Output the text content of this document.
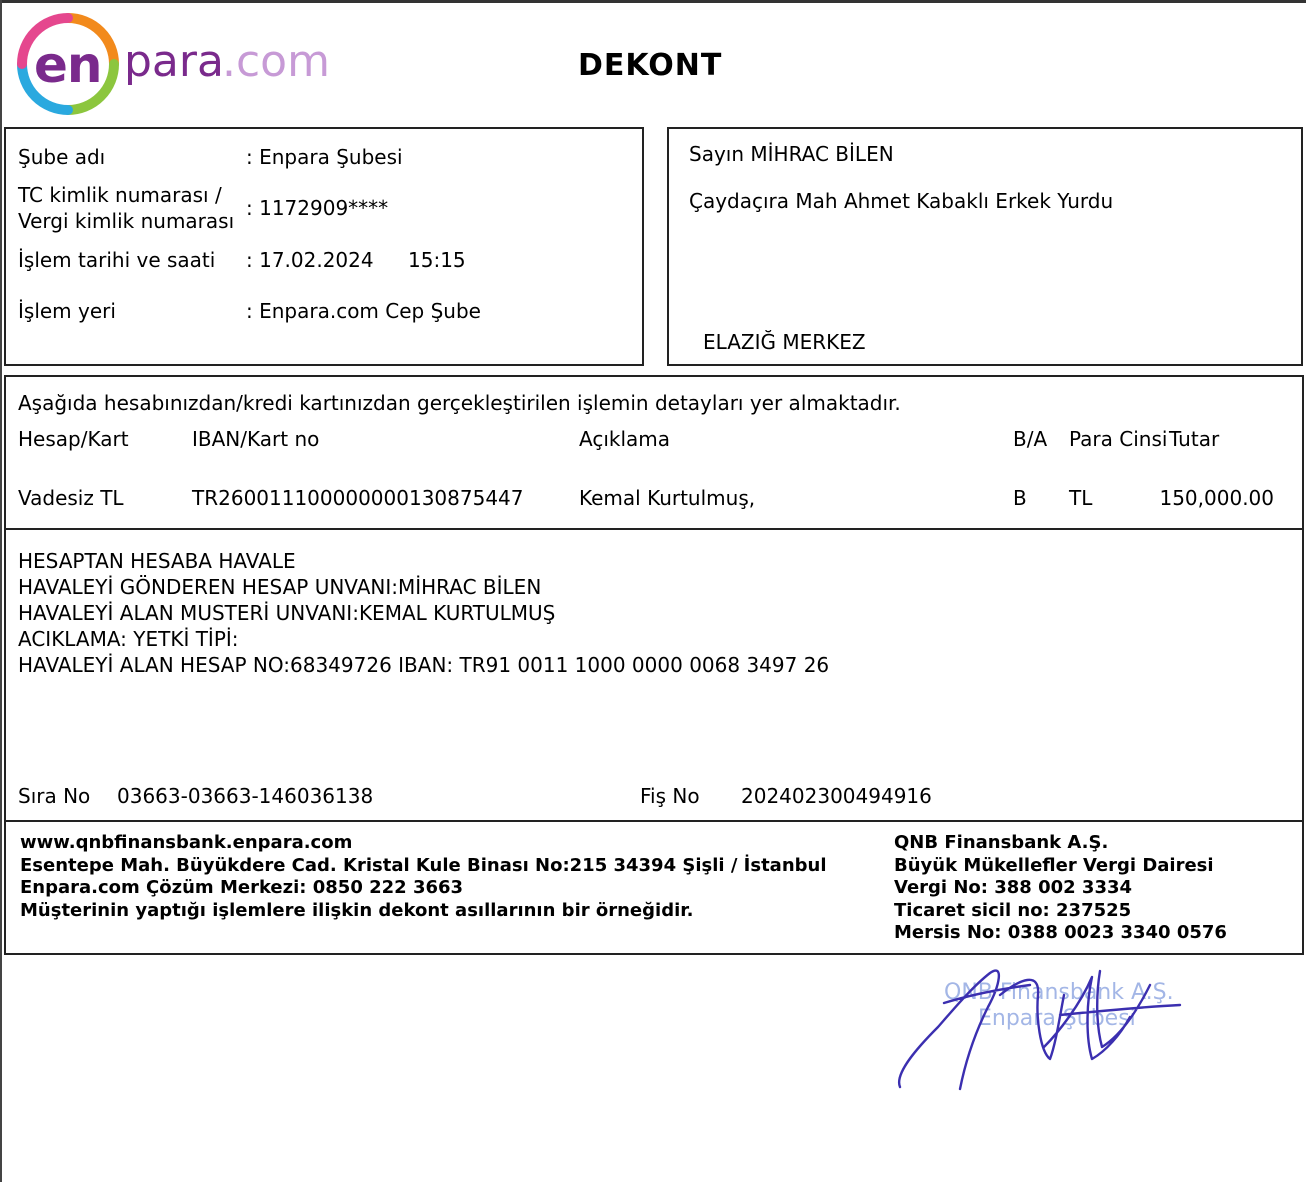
en para
.com	DEKONT
Şube adı	: Enpara Şubesi
TC kimlik numarası /
Vergi kimlik numarası
: 1172909****
İşlem tarihi ve saati : 17.02.2024 15:15
İşlem yeri	: Enpara.com Cep Şube
Sayın MİHRAC BİLEN
Çaydaçıra Mah Ahmet Kabaklı Erkek Yurdu
ELAZIĞ MERKEZ
Aşağıda hesabınızdan/kredi kartınızdan gerçekleştirilen işlemin detayları yer almaktadır.
Hesap/Kart	IBAN/Kart no	Açıklama	B/A Para Cinsi Tutar
Vadesiz TL	TR260011100000000130875447	Kemal Kurtulmuş,	B TL	150,000.00
HESAPTAN HESABA HAVALE
HAVALEYİ GÖNDEREN HESAP UNVANI:MİHRAC BİLEN
HAVALEYİ ALAN MUSTERİ UNVANI:KEMAL KURTULMUŞ
ACIKLAMA: YETKİ TİPİ:
HAVALEYİ ALAN HESAP NO:68349726 IBAN: TR91 0011 1000 0000 0068 3497 26
Sıra No 03663-03663-146036138	Fiş No 202402300494916
www.qnbfinansbank.enpara.com
Esentepe Mah. Büyükdere Cad. Kristal Kule Binası No:215 34394 Şişli / İstanbul
Enpara.com Çözüm Merkezi: 0850 222 3663
Müşterinin yaptığı işlemlere ilişkin dekont asıllarının bir örneğidir.
QNB Finansbank A.Ş.
Büyük Mükellefler Vergi Dairesi
Vergi No: 388 002 3334
Ticaret sicil no: 237525
Mersis No: 0388 0023 3340 0576
QNB Finansbank A.Ş.
Enpara Şubesi
